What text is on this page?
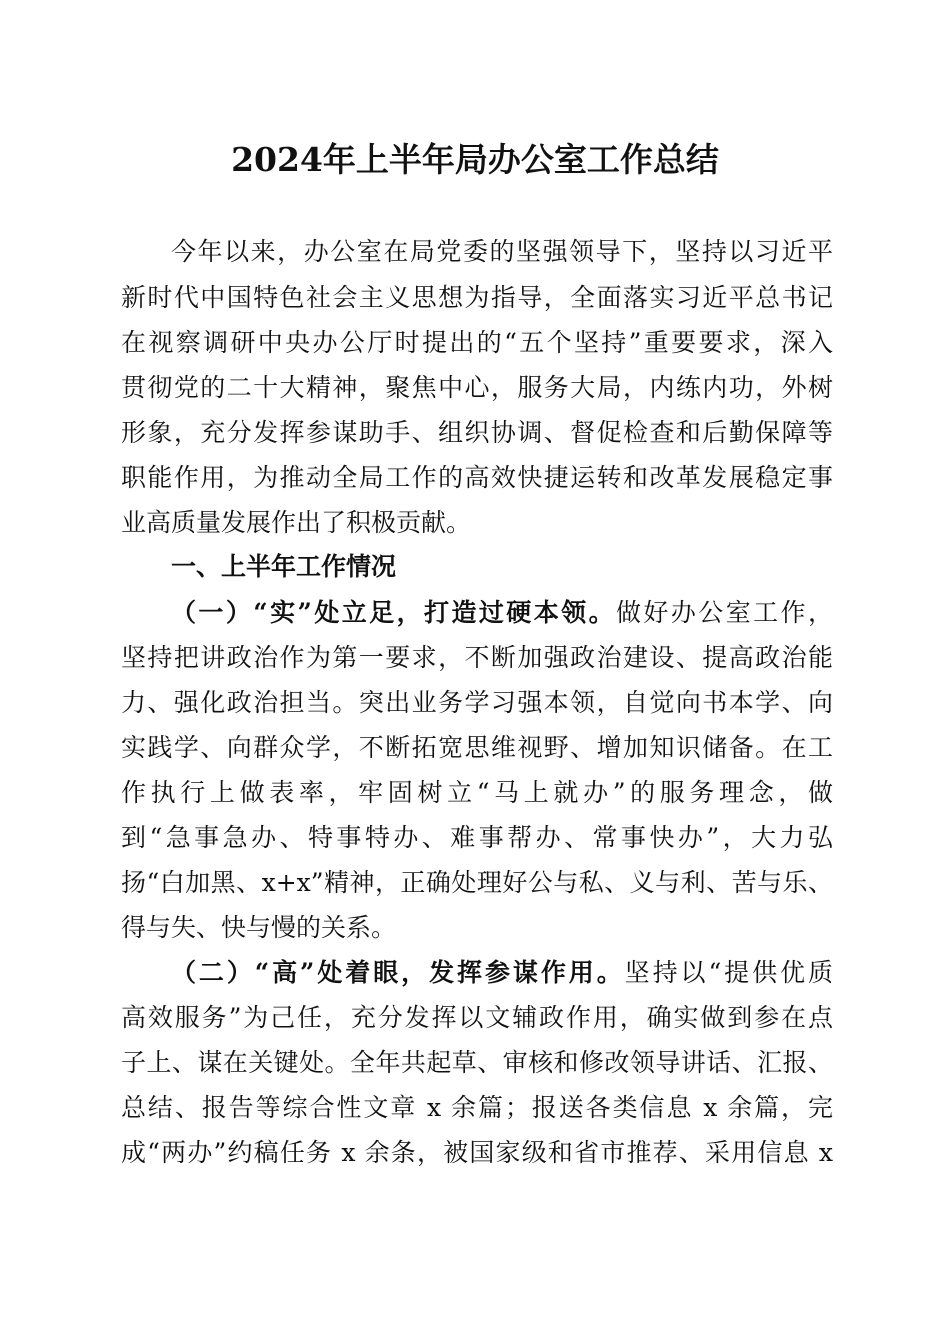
2024年上半年局办公室工作总结
今年以来，办公室在局党委的坚强领导下，坚持以习近平
新时代中国特色社会主义思想为指导，全面落实习近平总书记
在视察调研中央办公厅时提出的“五个坚持”重要要求，深入
贯彻党的二十大精神，聚焦中心，服务大局，内练内功，外树
形象，充分发挥参谋助手、组织协调、督促检查和后勤保障等
职能作用，为推动全局工作的高效快捷运转和改革发展稳定事
业高质量发展作出了积极贡献。
一、上半年工作情况
（一）“实”处立足，打造过硬本领。做好办公室工作，
坚持把讲政治作为第一要求，不断加强政治建设、提高政治能
力、强化政治担当。突出业务学习强本领，自觉向书本学、向
实践学、向群众学，不断拓宽思维视野、增加知识储备。在工
作执行上做表率，牢固树立“马上就办”的服务理念，做
到“急事急办、特事特办、难事帮办、常事快办”，大力弘
扬“白加黑、x+x”精神，正确处理好公与私、义与利、苦与乐、
得与失、快与慢的关系。
（二）“高”处着眼，发挥参谋作用。坚持以“提供优质
高效服务”为己任，充分发挥以文辅政作用，确实做到参在点
子上、谋在关键处。全年共起草、审核和修改领导讲话、汇报、
总结、报告等综合性文章 x 余篇；报送各类信息 x 余篇，完
成“两办”约稿任务 x 余条，被国家级和省市推荐、采用信息 x
